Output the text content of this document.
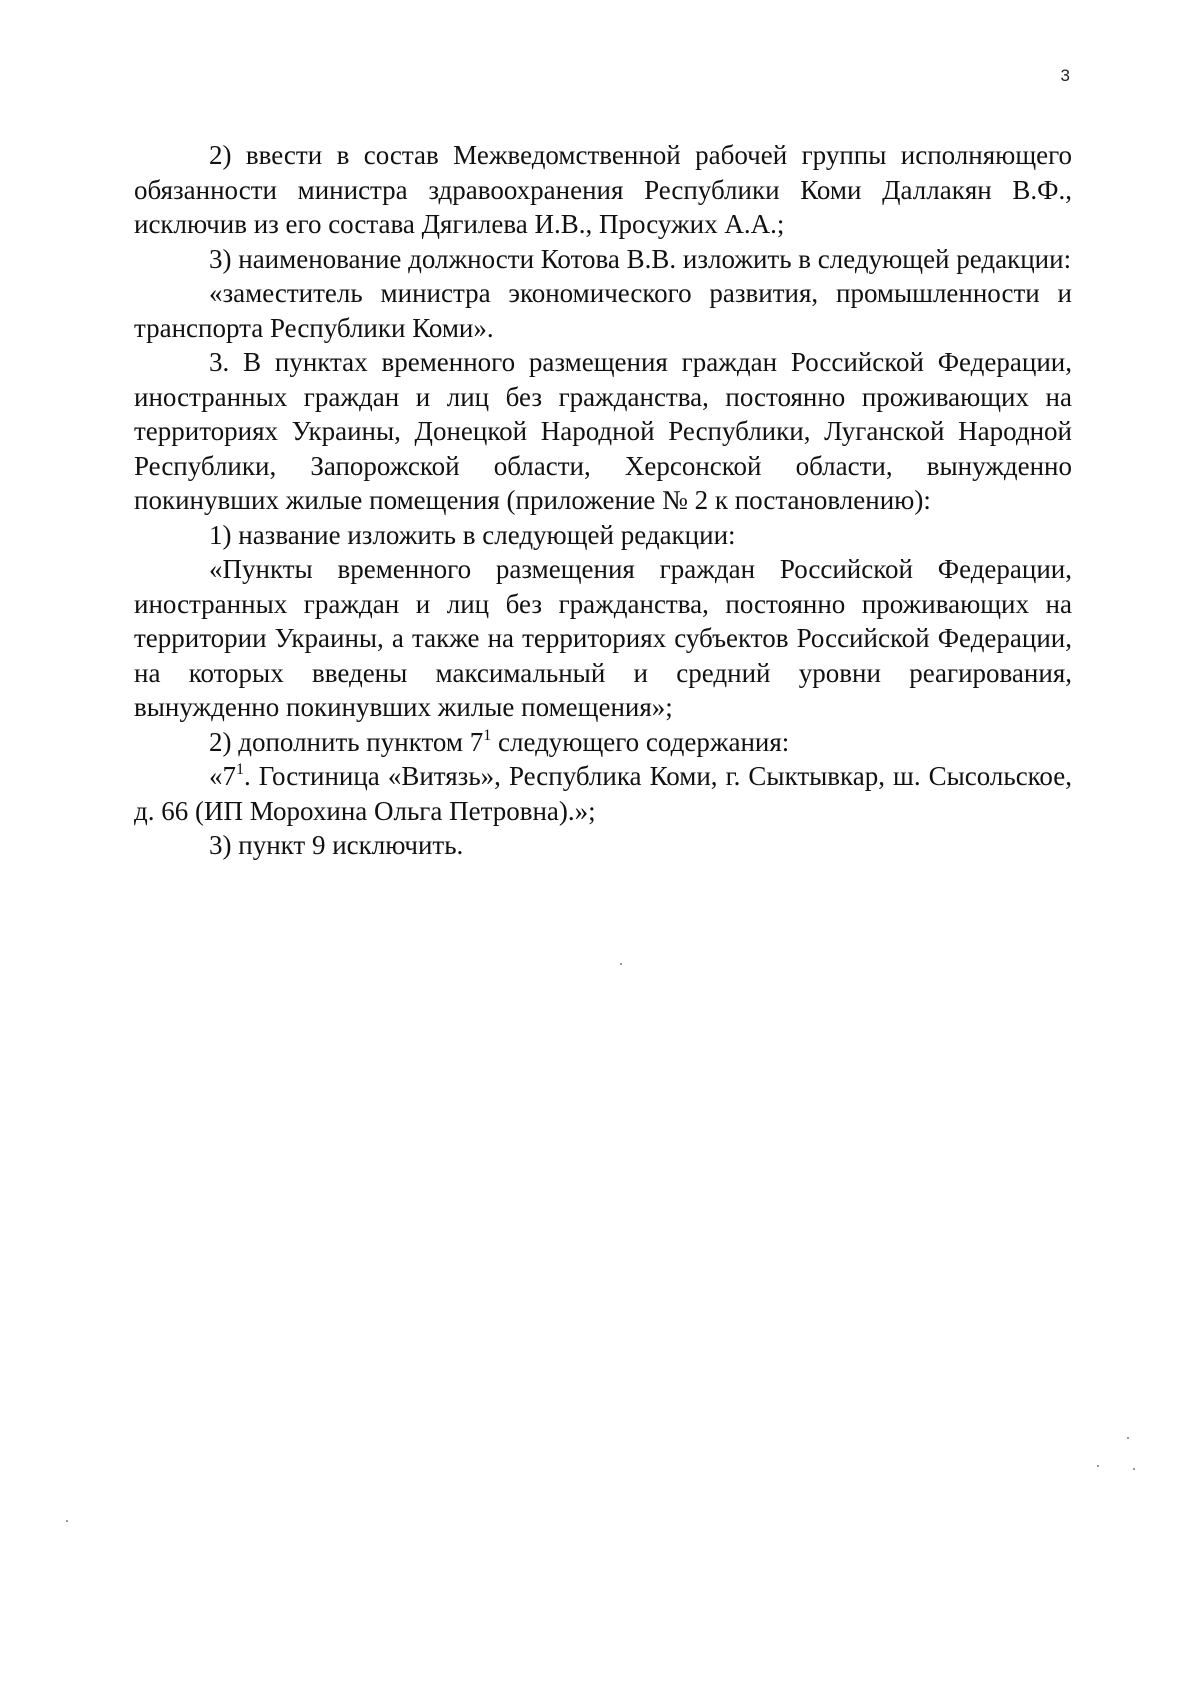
3

2) ввести в состав Межведомственной рабочей группы исполняющего обязанности министра здравоохранения Республики Коми Даллакян В.Ф., исключив из его состава Дягилева И.В., Просужих А.А.;

3) наименование должности Котова В.В. изложить в следующей редакции:

«заместитель министра экономического развития, промышленности и транспорта Республики Коми».

3. В пунктах временного размещения граждан Российской Федерации, иностранных граждан и лиц без гражданства, постоянно проживающих на территориях Украины, Донецкой Народной Республики, Луганской Народной Республики, Запорожской области, Херсонской области, вынужденно покинувших жилые помещения (приложение № 2 к постановлению):

1) название изложить в следующей редакции:

«Пункты временного размещения граждан Российской Федерации, иностранных граждан и лиц без гражданства, постоянно проживающих на территории Украины, а также на территориях субъектов Российской Федерации, на которых введены максимальный и средний уровни реагирования, вынужденно покинувших жилые помещения»;

2) дополнить пунктом $7^1$ следующего содержания:

«$7^1$. Гостиница «Витязь», Республика Коми, г. Сыктывкар, ш. Сысольское, д. 66 (ИП Морохина Ольга Петровна).»;

3) пункт 9 исключить.
